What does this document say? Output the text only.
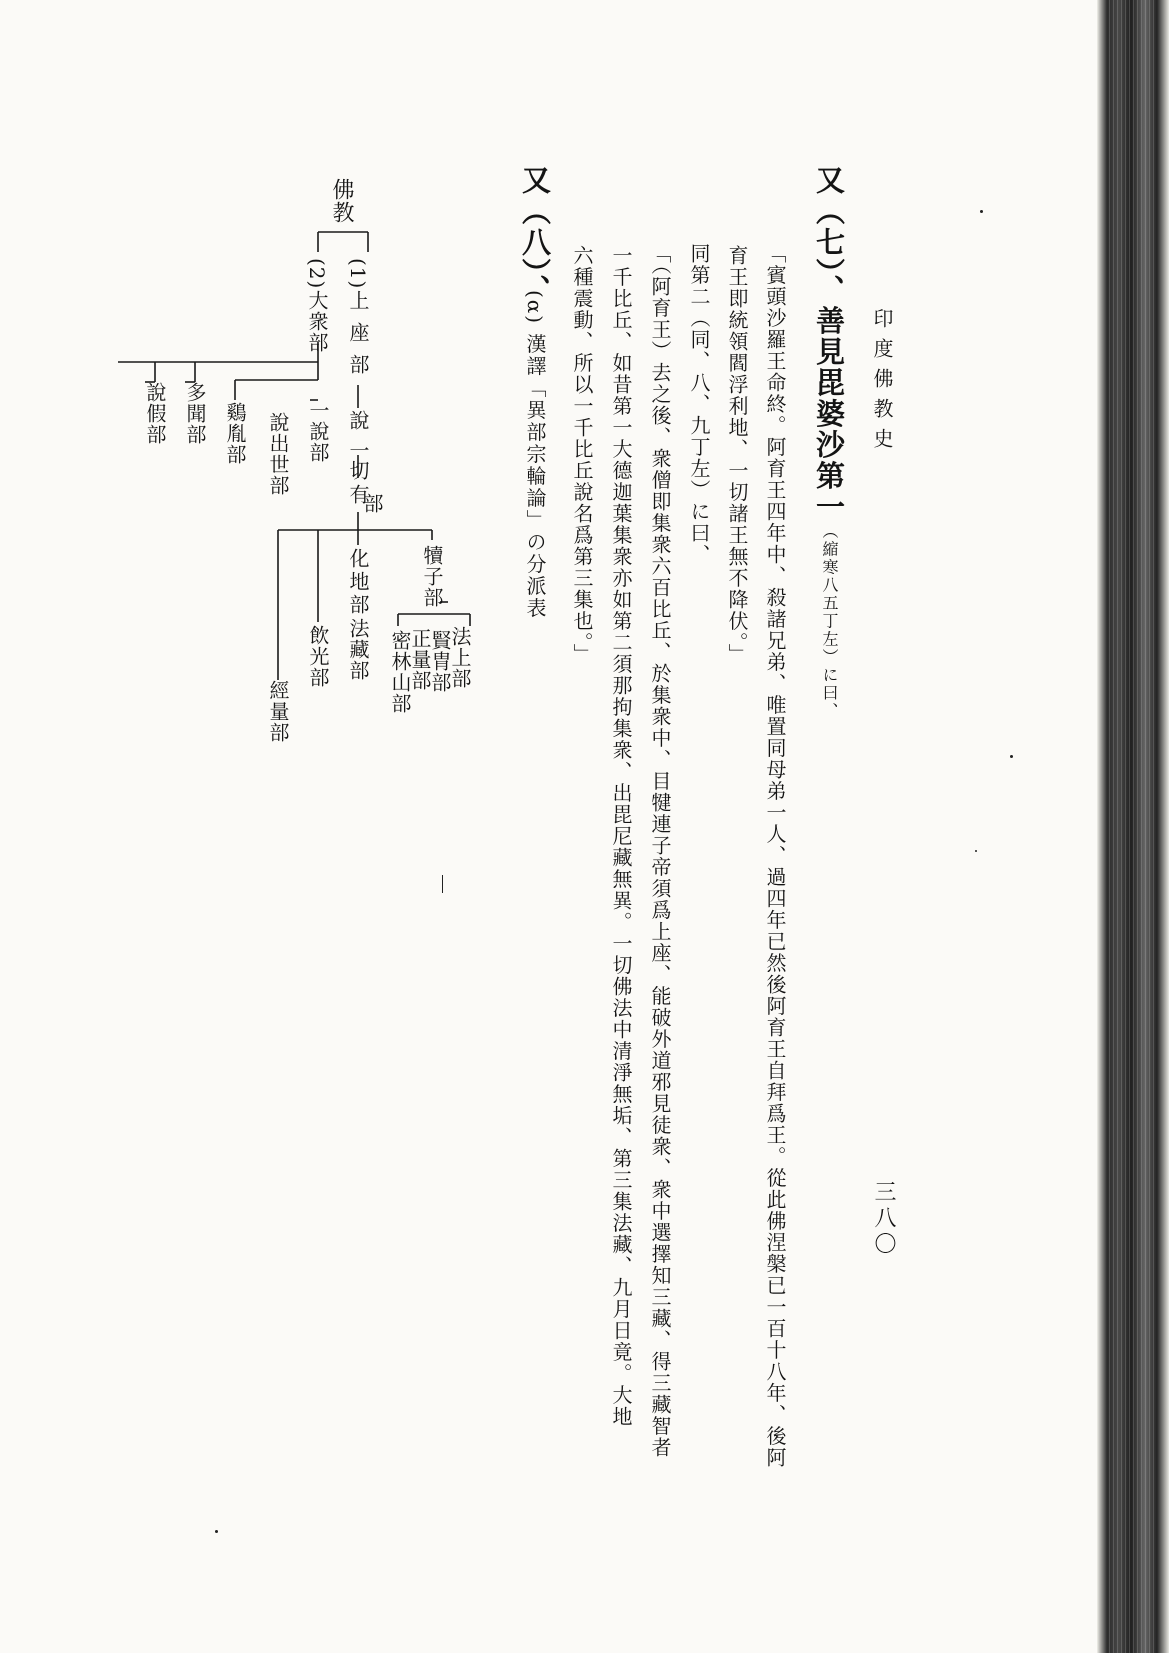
印度佛教史
三八〇
又（七）、善見毘婆沙第一（縮寒八五丁左）に曰、
「賓頭沙羅王命終。阿育王四年中、殺諸兄弟、唯置同母弟一人、過四年已然後阿育王自拜爲王。從此佛涅槃已一百十八年、後阿
育王即統領閻浮利地、一切諸王無不降伏。」
同第二（同、八、九丁左）に曰、
「（阿育王）去之後、衆僧即集衆六百比丘、於集衆中、目犍連子帝須爲上座、能破外道邪見徒衆、衆中選擇知三藏、得三藏智者
一千比丘、如昔第一大德迦葉集衆亦如第二須那拘集衆、出毘尼藏無異。一切佛法中清淨無垢、第三集法藏、九月日竟。大地
六種震動、所以一千比丘說名爲第三集也。」
又（八）、
(α) 漢譯「異部宗輪論」の分派表
佛教
(1)
(2)
上座部
大衆部
說
一
切
有
部
犢子部
法上部
賢胄部
正量部
密林山部
化地部
法藏部
飲光部
經量部
一說部
說出世部
鷄胤部
多聞部
說假部
